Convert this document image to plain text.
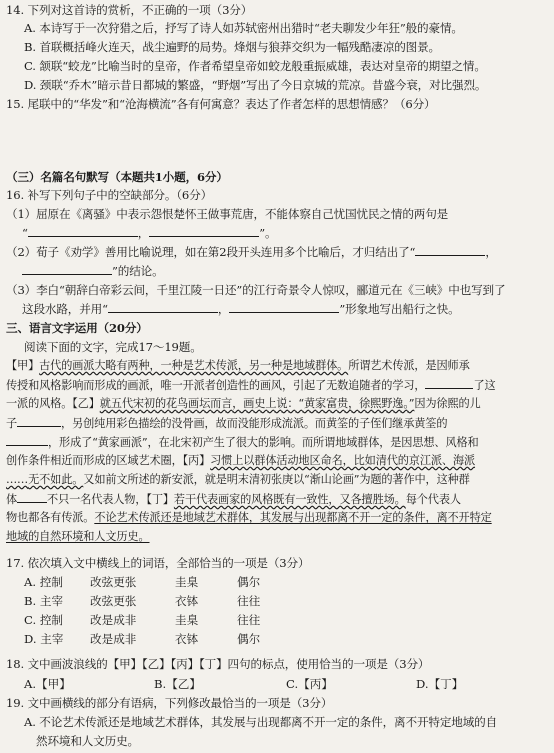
14. 下列对这首诗的赏析，不正确的一项（3分）
A. 本诗写于一次狩猎之后，抒写了诗人如苏轼密州出猎时“老夫聊发少年狂”般的豪情。
B. 首联概括峰火连天，战尘遍野的局势。烽烟与狼莽交织为一幅残酷凄凉的图景。
C. 颔联“蛟龙”比喻当时的皇帝，作者希望皇帝如蛟龙般重振威雄，表达对皇帝的期望之情。
D. 颈联“乔木”暗示昔日都城的繁盛，“野烟”写出了今日京城的荒凉。昔盛今衰，对比强烈。
15. 尾联中的“华发”和“沧海横流”各有何寓意？表达了作者怎样的思想情感？（6分）
（三）名篇名句默写（本题共1小题，6分）
16. 补写下列句子中的空缺部分。（6分）
（1）屈原在《离骚》中表示怨恨楚怀王做事荒唐，不能体察自己忧国忧民之情的两句是
“	，	”。
（2）荀子《劝学》善用比喻说理，如在第2段开头连用多个比喻后，才归结出了“	，
”的结论。
（3）李白“朝辞白帝彩云间，千里江陵一日还”的江行奇景令人惊叹，郦道元在《三峡》中也写到了
这段水路，并用“	，	”形象地写出船行之快。
三、语言文字运用（20分）
阅读下面的文字，完成17～19题。
【甲】古代的画派大略有两种，一种是艺术传派，另一种是地域群体。所谓艺术传派，是因师承
传授和风格影响而形成的画派，唯一开派者创造性的画风，引起了无数追随者的学习，	了这
一派的风格。【乙】就五代宋初的花鸟画坛而言，画史上说：“黄家富贵，徐熙野逸。”因为徐熙的儿
子	，另创纯用彩色描绘的没骨画，故而没能形成流派。而黄筌的子侄们继承黄筌的
，形成了“黄家画派”，在北宋初产生了很大的影响。而所谓地域群体，是因思想、风格和
创作条件相近而形成的区域艺术圈，【丙】习惯上以群体活动地区命名，比如清代的京江派、海派
……无不如此。又如前文所述的新安派，就是明末清初张庚以“渐山论画”为题的著作中，这种群
体	不只一名代表人物，【丁】若干代表画家的风格既有一致性，又各擅胜场。每个代表人
物也都各有传派。不论艺术传派还是地域艺术群体，其发展与出现都离不开一定的条件，离不开特定
地域的自然环境和人文历史。
17. 依次填入文中横线上的词语，全部恰当的一项是（3分）
A. 控制 改弦更张	圭臬	偶尔
B. 主宰 改弦更张	衣钵	往往
C. 控制 改是成非	圭臬	往往
D. 主宰 改是成非	衣钵	偶尔
18. 文中画波浪线的【甲】【乙】【丙】【丁】四句的标点，使用恰当的一项是（3分）
A.【甲】	B.【乙】	C.【丙】	D.【丁】
19. 文中画横线的部分有语病，下列修改最恰当的一项是（3分）
A. 不论艺术传派还是地域艺术群体，其发展与出现都离不开一定的条件，离不开特定地域的自
然环境和人文历史。
